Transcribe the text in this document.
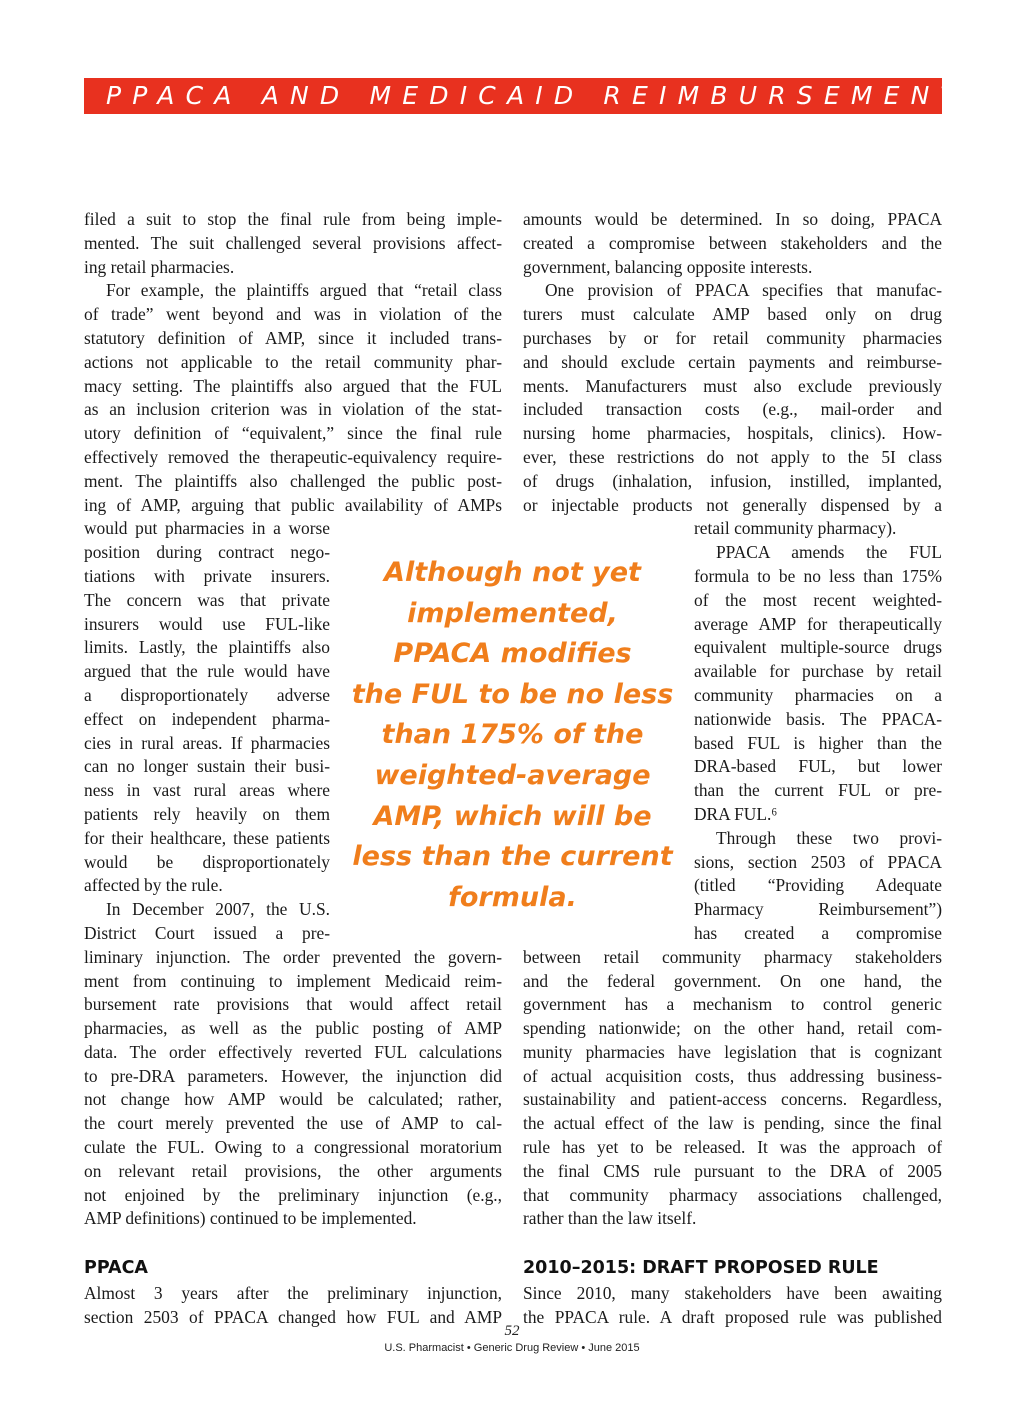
PPACA AND MEDICAID REIMBURSEMENT
filed a suit to stop the final rule from being imple-
mented. The suit challenged several provisions affect-
ing retail pharmacies.
For example, the plaintiffs argued that “retail class
of trade” went beyond and was in violation of the
statutory definition of AMP, since it included trans-
actions not applicable to the retail community phar-
macy setting. The plaintiffs also argued that the FUL
as an inclusion criterion was in violation of the stat-
utory definition of “equivalent,” since the final rule
effectively removed the therapeutic-equivalency require-
ment. The plaintiffs also challenged the public post-
ing of AMP, arguing that public availability of AMPs
would put pharmacies in a worse
position during contract nego-
tiations with private insurers.
The concern was that private
insurers would use FUL-like
limits. Lastly, the plaintiffs also
argued that the rule would have
a disproportionately adverse
effect on independent pharma-
cies in rural areas. If pharmacies
can no longer sustain their busi-
ness in vast rural areas where
patients rely heavily on them
for their healthcare, these patients
would be disproportionately
affected by the rule.
In December 2007, the U.S.
District Court issued a pre-
liminary injunction. The order prevented the govern-
ment from continuing to implement Medicaid reim-
bursement rate provisions that would affect retail
pharmacies, as well as the public posting of AMP
data. The order effectively reverted FUL calculations
to pre-DRA parameters. However, the injunction did
not change how AMP would be calculated; rather,
the court merely prevented the use of AMP to cal-
culate the FUL. Owing to a congressional moratorium
on relevant retail provisions, the other arguments
not enjoined by the preliminary injunction (e.g.,
AMP definitions) continued to be implemented.
amounts would be determined. In so doing, PPACA
created a compromise between stakeholders and the
government, balancing opposite interests.
One provision of PPACA specifies that manufac-
turers must calculate AMP based only on drug
purchases by or for retail community pharmacies
and should exclude certain payments and reimburse-
ments. Manufacturers must also exclude previously
included transaction costs (e.g., mail-order and
nursing home pharmacies, hospitals, clinics). How-
ever, these restrictions do not apply to the 5I class
of drugs (inhalation, infusion, instilled, implanted,
or injectable products not generally dispensed by a
retail community pharmacy).
PPACA amends the FUL
formula to be no less than 175%
of the most recent weighted-
average AMP for therapeutically
equivalent multiple-source drugs
available for purchase by retail
community pharmacies on a
nationwide basis. The PPACA-
based FUL is higher than the
DRA-based FUL, but lower
than the current FUL or pre-
DRA FUL.⁶
Through these two provi-
sions, section 2503 of PPACA
(titled “Providing Adequate
Pharmacy Reimbursement”)
has created a compromise
between retail community pharmacy stakeholders
and the federal government. On one hand, the
government has a mechanism to control generic
spending nationwide; on the other hand, retail com-
munity pharmacies have legislation that is cognizant
of actual acquisition costs, thus addressing business-
sustainability and patient-access concerns. Regardless,
the actual effect of the law is pending, since the final
rule has yet to be released. It was the approach of
the final CMS rule pursuant to the DRA of 2005
that community pharmacy associations challenged,
rather than the law itself.
Although not yet
implemented,
PPACA modifies
the FUL to be no less
than 175% of the
weighted-average
AMP, which will be
less than the current
formula.
PPACA	2010–2015: DRAFT PROPOSED RULE
Almost 3 years after the preliminary injunction,
section 2503 of PPACA changed how FUL and AMP
Since 2010, many stakeholders have been awaiting
the PPACA rule. A draft proposed rule was published
52
U.S. Pharmacist • Generic Drug Review • June 2015
